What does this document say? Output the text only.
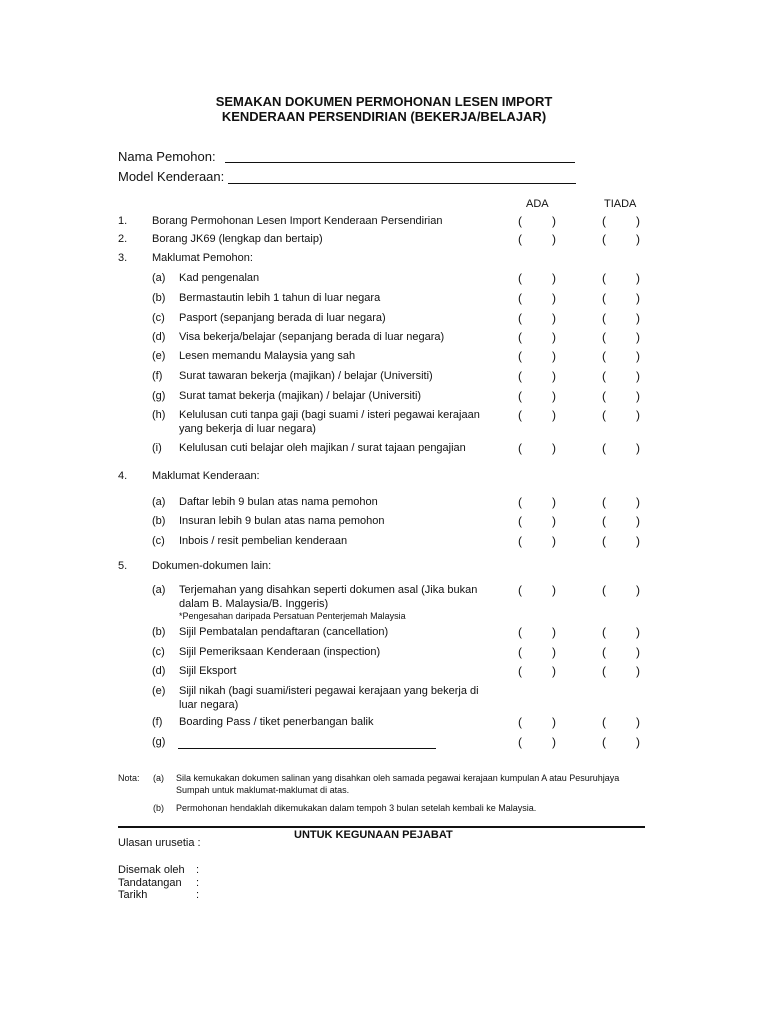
SEMAKAN DOKUMEN PERMOHONAN LESEN IMPORT
KENDERAAN PERSENDIRIAN (BEKERJA/BELAJAR)
Nama Pemohon:
Model Kenderaan:
ADA	TIADA
1. Borang Permohonan Lesen Import Kenderaan Persendirian	(	)	(	)
2. Borang JK69 (lengkap dan bertaip)	(	)	(	)
3. Maklumat Pemohon:
(a) Kad pengenalan	(	)	(	)
(b) Bermastautin lebih 1 tahun di luar negara	(	)	(	)
(c) Pasport (sepanjang berada di luar negara)	(	)	(	)
(d) Visa bekerja/belajar (sepanjang berada di luar negara)	(	)	(	)
(e) Lesen memandu Malaysia yang sah	(	)	(	)
(f) Surat tawaran bekerja (majikan) / belajar (Universiti)	(	)	(	)
(g) Surat tamat bekerja (majikan) / belajar (Universiti)	(	)	(	)
(h) Kelulusan cuti tanpa gaji (bagi suami / isteri pegawai kerajaan
yang bekerja di luar negara)
(	)	(	)
(i) Kelulusan cuti belajar oleh majikan / surat tajaan pengajian	(	)	(	)
4. Maklumat Kenderaan:
(a) Daftar lebih 9 bulan atas nama pemohon	(	)	(	)
(b) Insuran lebih 9 bulan atas nama pemohon	(	)	(	)
(c) Inbois / resit pembelian kenderaan	(	)	(	)
5. Dokumen-dokumen lain:
(a) Terjemahan yang disahkan seperti dokumen asal (Jika bukan
dalam B. Malaysia/B. Inggeris)
*Pengesahan daripada Persatuan Penterjemah Malaysia
(	)	(	)
(b) Sijil Pembatalan pendaftaran (cancellation)	(	)	(	)
(c) Sijil Pemeriksaan Kenderaan (inspection)	(	)	(	)
(d) Sijil Eksport	(	)	(	)
(e) Sijil nikah (bagi suami/isteri pegawai kerajaan yang bekerja di
luar negara)
(f) Boarding Pass / tiket penerbangan balik	(	)	(	)
(g)	(	)	(	)
Nota: (a) Sila kemukakan dokumen salinan yang disahkan oleh samada pegawai kerajaan kumpulan A atau Pesuruhjaya
Sumpah untuk maklumat-maklumat di atas.
(b) Permohonan hendaklah dikemukakan dalam tempoh 3 bulan setelah kembali ke Malaysia.
UNTUK KEGUNAAN PEJABAT
Ulasan urusetia :
Disemak oleh :
Tandatangan :
Tarikh	:
